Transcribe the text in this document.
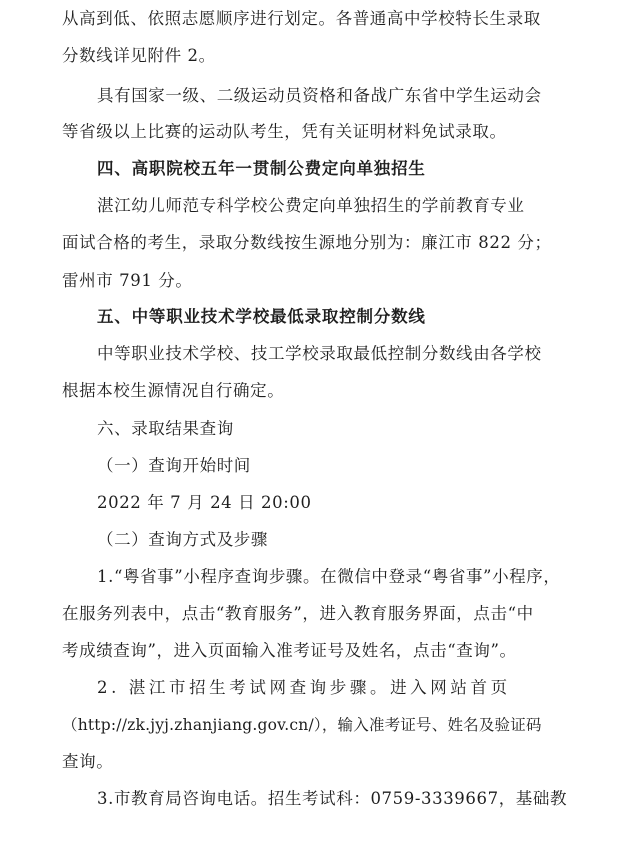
从高到低、依照志愿顺序进行划定。各普通高中学校特长生录取

分数线详见附件 2。

具有国家一级、二级运动员资格和备战广东省中学生运动会

等省级以上比赛的运动队考生，凭有关证明材料免试录取。

四、高职院校五年一贯制公费定向单独招生

湛江幼儿师范专科学校公费定向单独招生的学前教育专业

面试合格的考生，录取分数线按生源地分别为：廉江市 822 分；

雷州市 791 分。

五、中等职业技术学校最低录取控制分数线

中等职业技术学校、技工学校录取最低控制分数线由各学校

根据本校生源情况自行确定。

六、录取结果查询

（一）查询开始时间

2022 年 7 月 24 日 20:00

（二）查询方式及步骤

1.“粤省事”小程序查询步骤。在微信中登录“粤省事”小程序，

在服务列表中，点击“教育服务”，进入教育服务界面，点击“中

考成绩查询”，进入页面输入准考证号及姓名，点击“查询”。

2. 湛江市招生考试网查询步骤。进入网站首页

（http://zk.jyj.zhanjiang.gov.cn/），输入准考证号、姓名及验证码

查询。

3.市教育局咨询电话。招生考试科：0759-3339667，基础教
